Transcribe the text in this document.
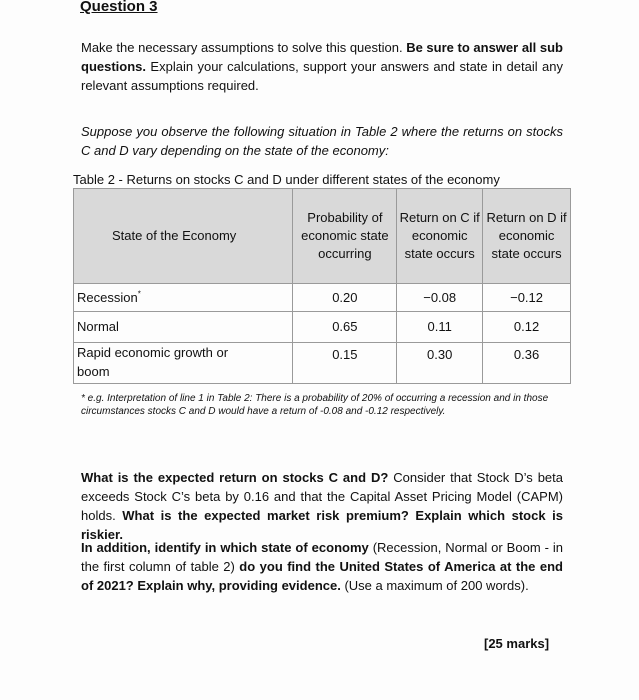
Question 3

Make the necessary assumptions to solve this question. Be sure to answer all sub questions. Explain your calculations, support your answers and state in detail any relevant assumptions required.

Suppose you observe the following situation in Table 2 where the returns on stocks C and D vary depending on the state of the economy:

Table 2 - Returns on stocks C and D under different states of the economy
State of the Economy	Probability of economic state occurring	Return on C if economic state occurs	Return on D if economic state occurs
Recession*	0.20	−0.08	−0.12
Normal	0.65	0.11	0.12
Rapid economic growth or boom	0.15	0.30	0.36

* e.g. Interpretation of line 1 in Table 2: There is a probability of 20% of occurring a recession and in those circumstances stocks C and D would have a return of -0.08 and -0.12 respectively.

What is the expected return on stocks C and D? Consider that Stock D’s beta exceeds Stock C’s beta by 0.16 and that the Capital Asset Pricing Model (CAPM) holds. What is the expected market risk premium? Explain which stock is riskier.

In addition, identify in which state of economy (Recession, Normal or Boom - in the first column of table 2) do you find the United States of America at the end of 2021? Explain why, providing evidence. (Use a maximum of 200 words).

[25 marks]
